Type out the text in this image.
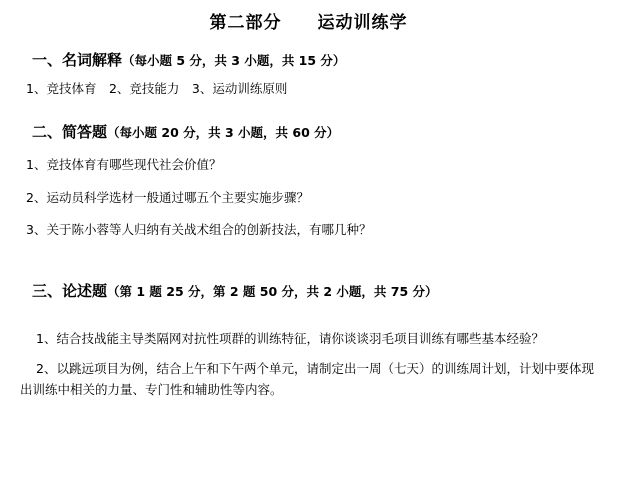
第二部分　　运动训练学
一、名词解释（每小题 5 分，共 3 小题，共 15 分）
1、竞技体育　2、竞技能力　3、运动训练原则
二、简答题（每小题 20 分，共 3 小题，共 60 分）
1、竞技体育有哪些现代社会价值？
2、运动员科学选材一般通过哪五个主要实施步骤？
3、关于陈小蓉等人归纳有关战术组合的创新技法，有哪几种？
三、论述题（第 1 题 25 分，第 2 题 50 分，共 2 小题，共 75 分）
1、结合技战能主导类隔网对抗性项群的训练特征，请你谈谈羽毛项目训练有哪些基本经验？
2、以跳远项目为例，结合上午和下午两个单元，请制定出一周（七天）的训练周计划，计划中要体现出训练中相关的力量、专门性和辅助性等内容。
